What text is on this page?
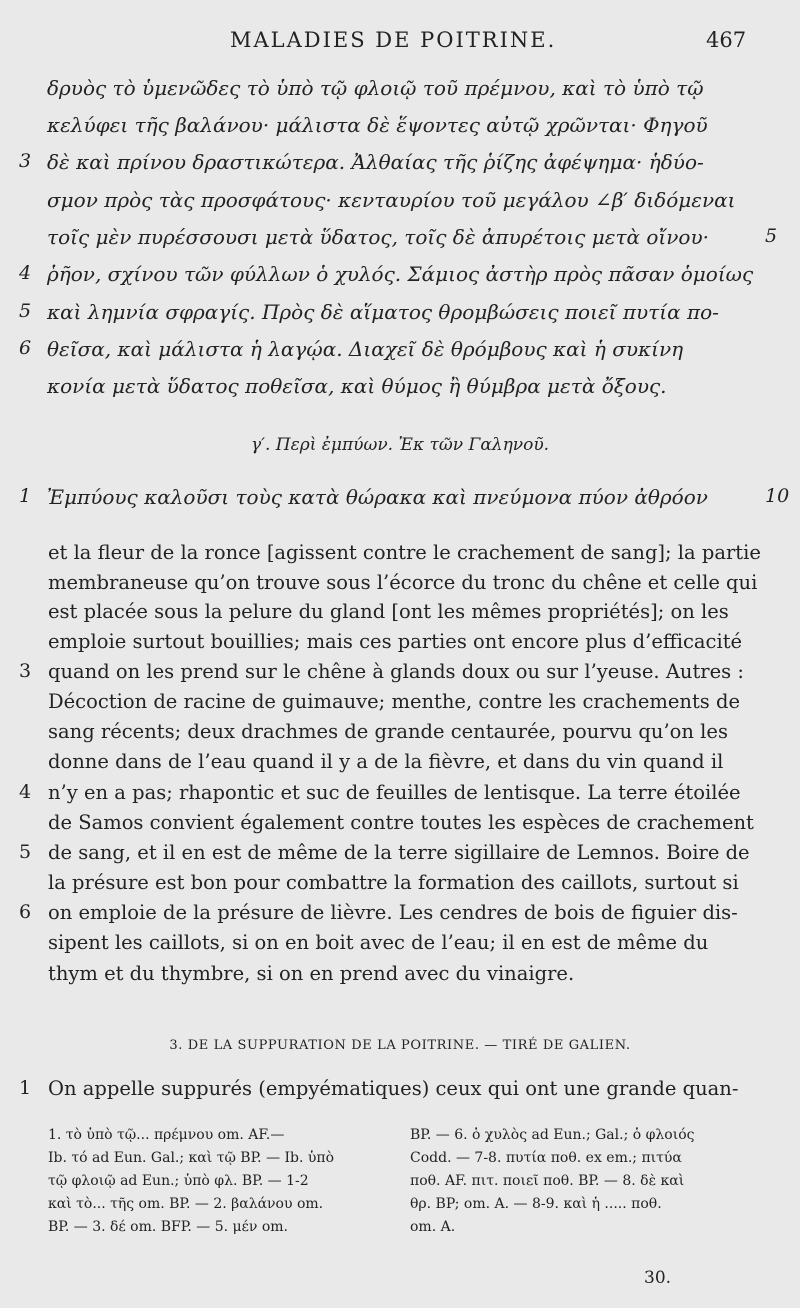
MALADIES DE POITRINE.	467
δρυὸς τὸ ὑμενῶδες τὸ ὑπὸ τῷ φλοιῷ τοῦ πρέμνου, καὶ τὸ ὑπὸ τῷ
κελύφει τῆς βαλάνου· μάλιστα δὲ ἕψοντες αὐτῷ χρῶνται· Φηγοῦ
3 δὲ καὶ πρίνου δραστικώτερα. Ἀλθαίας τῆς ῥίζης ἀφέψημα· ἡδύο-
σμον πρὸς τὰς προσφάτους· κενταυρίου τοῦ μεγάλου ∠β′ διδόμεναι
τοῖς μὲν πυρέσσουσι μετὰ ὕδατος, τοῖς δὲ ἀπυρέτοις μετὰ οἴνου·	5
4 ῥῆον, σχίνου τῶν φύλλων ὁ χυλός. Σάμιος ἀστὴρ πρὸς πᾶσαν ὁμοίως
5 καὶ λημνία σφραγίς. Πρὸς δὲ αἵματος θρομβώσεις ποιεῖ πυτία πο-
6 θεῖσα, καὶ μάλιστα ἡ λαγῴα. Διαχεῖ δὲ θρόμβους καὶ ἡ συκίνη
κονία μετὰ ὕδατος ποθεῖσα, καὶ θύμος ἢ θύμβρα μετὰ ὄξους.
γ′. Περὶ ἐμπύων. Ἐκ τῶν Γαληνοῦ.
1 Ἐμπύους καλοῦσι τοὺς κατὰ θώρακα καὶ πνεύμονα πύον ἀθρόον	10
et la fleur de la ronce [agissent contre le crachement de sang]; la partie
membraneuse qu’on trouve sous l’écorce du tronc du chêne et celle qui
est placée sous la pelure du gland [ont les mêmes propriétés]; on les
emploie surtout bouillies; mais ces parties ont encore plus d’efficacité
3 quand on les prend sur le chêne à glands doux ou sur l’yeuse. Autres :
Décoction de racine de guimauve; menthe, contre les crachements de
sang récents; deux drachmes de grande centaurée, pourvu qu’on les
donne dans de l’eau quand il y a de la fièvre, et dans du vin quand il
4 n’y en a pas; rhapontic et suc de feuilles de lentisque. La terre étoilée
de Samos convient également contre toutes les espèces de crachement
5 de sang, et il en est de même de la terre sigillaire de Lemnos. Boire de
la présure est bon pour combattre la formation des caillots, surtout si
6 on emploie de la présure de lièvre. Les cendres de bois de figuier dis-
sipent les caillots, si on en boit avec de l’eau; il en est de même du
thym et du thymbre, si on en prend avec du vinaigre.
3. DE LA SUPPURATION DE LA POITRINE. — TIRÉ DE GALIEN.
1 On appelle suppurés (empyématiques) ceux qui ont une grande quan-
1. τὸ ὑπὸ τῷ... πρέμνου om. AF.—
Ib. τό ad Eun. Gal.; καὶ τῷ BP. — Ib. ὑπὸ
τῷ φλοιῷ ad Eun.; ὑπὸ φλ. BP. — 1-2
καὶ τὸ... τῆς om. BP. — 2. βαλάνου om.
BP. — 3. δέ om. BFP. — 5. μέν om.
BP. — 6. ὁ χυλὸς ad Eun.; Gal.; ὁ φλοιός
Codd. — 7-8. πυτία ποθ. ex em.; πιτύα
ποθ. AF. πιτ. ποιεῖ ποθ. BP. — 8. δὲ καὶ
θρ. BP; om. A. — 8-9. καὶ ἡ ..... ποθ.
om. A.
30.
